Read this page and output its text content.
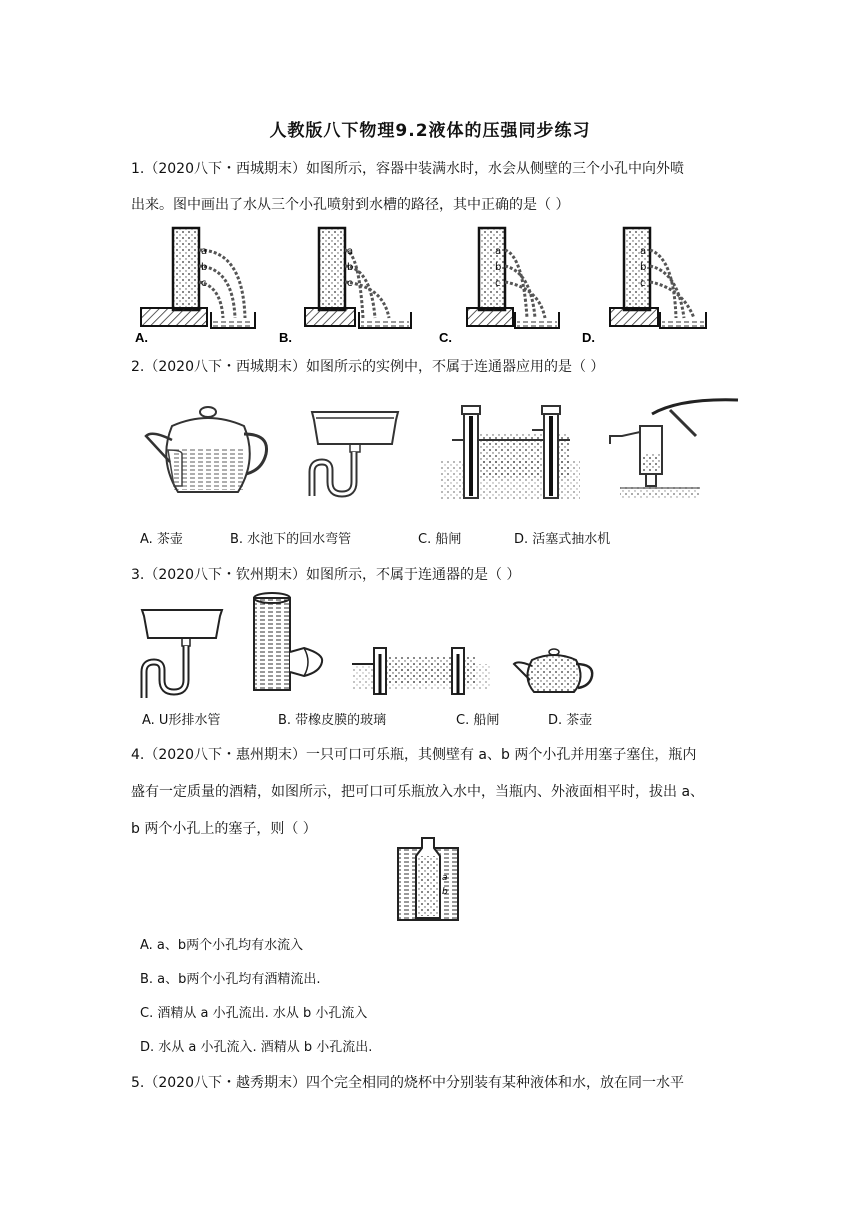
人教版八下物理9.2液体的压强同步练习
1.（2020八下・西城期末）如图所示，容器中装满水时，水会从侧壁的三个小孔中向外喷
出来。图中画出了水从三个小孔喷射到水槽的路径，其中正确的是（ ）
a
b
c
A.
a
b
c
B.
a
b
c
C.
a
b
c
D.
2.（2020八下・西城期末）如图所示的实例中，不属于连通器应用的是（ ）
A. 茶壶	B. 水池下的回水弯管	C. 船闸	D. 活塞式抽水机
3.（2020八下・钦州期末）如图所示，不属于连通器的是（ ）
A. U形排水管	B. 带橡皮膜的玻璃	C. 船闸	D. 茶壶
4.（2020八下・惠州期末）一只可口可乐瓶，其侧壁有 a、b 两个小孔并用塞子塞住，瓶内
盛有一定质量的酒精，如图所示，把可口可乐瓶放入水中，当瓶内、外液面相平时，拔出 a、
b 两个小孔上的塞子，则（ ）
a
b
A. a、b两个小孔均有水流入
B. a、b两个小孔均有酒精流出.
C. 酒精从 a 小孔流出. 水从 b 小孔流入
D. 水从 a 小孔流入. 酒精从 b 小孔流出.
5.（2020八下・越秀期末）四个完全相同的烧杯中分别装有某种液体和水，放在同一水平
